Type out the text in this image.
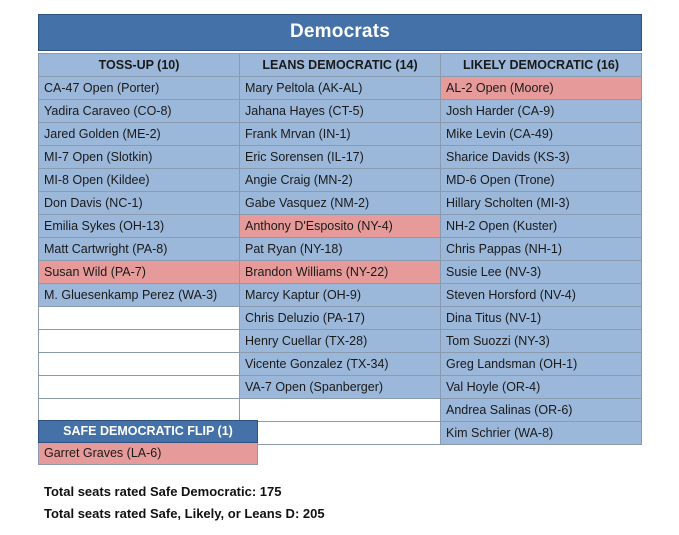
Democrats
TOSS-UP (10)	LEANS DEMOCRATIC (14)	LIKELY DEMOCRATIC (16)
CA-47 Open (Porter)	Mary Peltola (AK-AL)	AL-2 Open (Moore)
Yadira Caraveo (CO-8)	Jahana Hayes (CT-5)	Josh Harder (CA-9)
Jared Golden (ME-2)	Frank Mrvan (IN-1)	Mike Levin (CA-49)
MI-7 Open (Slotkin)	Eric Sorensen (IL-17)	Sharice Davids (KS-3)
MI-8 Open (Kildee)	Angie Craig (MN-2)	MD-6 Open (Trone)
Don Davis (NC-1)	Gabe Vasquez (NM-2)	Hillary Scholten (MI-3)
Emilia Sykes (OH-13)	Anthony D'Esposito (NY-4)	NH-2 Open (Kuster)
Matt Cartwright (PA-8)	Pat Ryan (NY-18)	Chris Pappas (NH-1)
Susan Wild (PA-7)	Brandon Williams (NY-22)	Susie Lee (NV-3)
M. Gluesenkamp Perez (WA-3)	Marcy Kaptur (OH-9)	Steven Horsford (NV-4)
	Chris Deluzio (PA-17)	Dina Titus (NV-1)
	Henry Cuellar (TX-28)	Tom Suozzi (NY-3)
	Vicente Gonzalez (TX-34)	Greg Landsman (OH-1)
	VA-7 Open (Spanberger)	Val Hoyle (OR-4)
		Andrea Salinas (OR-6)
		Kim Schrier (WA-8)
SAFE DEMOCRATIC FLIP (1)
Garret Graves (LA-6)
Total seats rated Safe Democratic: 175
Total seats rated Safe, Likely, or Leans D: 205
